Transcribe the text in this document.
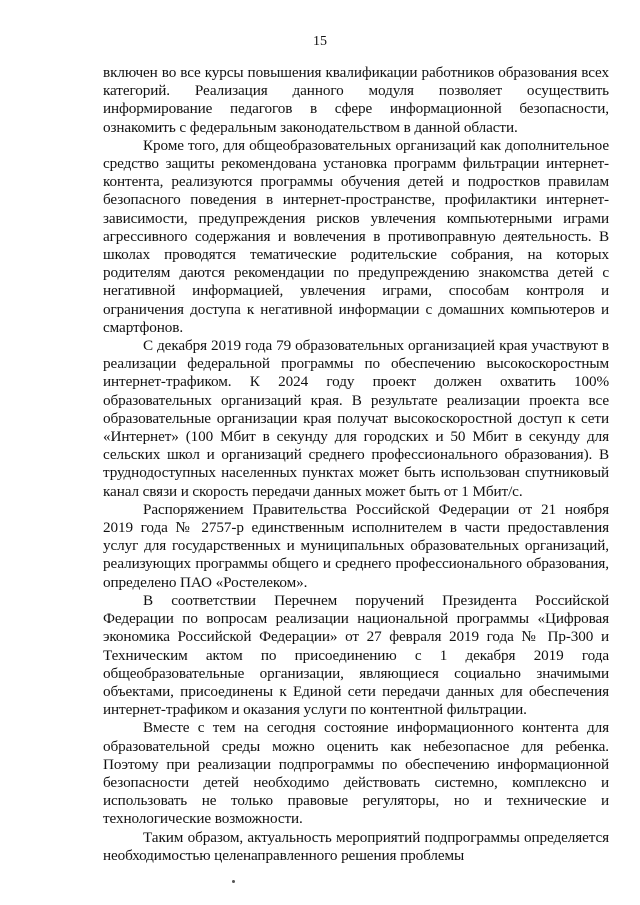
15

включен во все курсы повышения квалификации работников образования всех категорий. Реализация данного модуля позволяет осуществить информирование педагогов в сфере информационной безопасности, ознакомить с федеральным законодательством в данной области.

Кроме того, для общеобразовательных организаций как дополнительное средство защиты рекомендована установка программ фильтрации интернет-контента, реализуются программы обучения детей и подростков правилам безопасного поведения в интернет-пространстве, профилактики интернет-зависимости, предупреждения рисков увлечения компьютерными играми агрессивного содержания и вовлечения в противоправную деятельность. В школах проводятся тематические родительские собрания, на которых родителям даются рекомендации по предупреждению знакомства детей с негативной информацией, увлечения играми, способам контроля и ограничения доступа к негативной информации с домашних компьютеров и смартфонов.

С декабря 2019 года 79 образовательных организацией края участвуют в реализации федеральной программы по обеспечению высокоскоростным интернет-трафиком. К 2024 году проект должен охватить 100% образовательных организаций края. В результате реализации проекта все образовательные организации края получат высокоскоростной доступ к сети «Интернет» (100 Мбит в секунду для городских и 50 Мбит в секунду для сельских школ и организаций среднего профессионального образования). В труднодоступных населенных пунктах может быть использован спутниковый канал связи и скорость передачи данных может быть от 1 Мбит/с.

Распоряжением Правительства Российской Федерации от 21 ноября 2019 года № 2757-р единственным исполнителем в части предоставления услуг для государственных и муниципальных образовательных организаций, реализующих программы общего и среднего профессионального образования, определено ПАО «Ростелеком».

В соответствии Перечнем поручений Президента Российской Федерации по вопросам реализации национальной программы «Цифровая экономика Российской Федерации» от 27 февраля 2019 года № Пр-300 и Техническим актом по присоединению с 1 декабря 2019 года общеобразовательные организации, являющиеся социально значимыми объектами, присоединены к Единой сети передачи данных для обеспечения интернет-трафиком и оказания услуги по контентной фильтрации.

Вместе с тем на сегодня состояние информационного контента для образовательной среды можно оценить как небезопасное для ребенка. Поэтому при реализации подпрограммы по обеспечению информационной безопасности детей необходимо действовать системно, комплексно и использовать не только правовые регуляторы, но и технические и технологические возможности.

Таким образом, актуальность мероприятий подпрограммы определяется необходимостью целенаправленного решения проблемы
